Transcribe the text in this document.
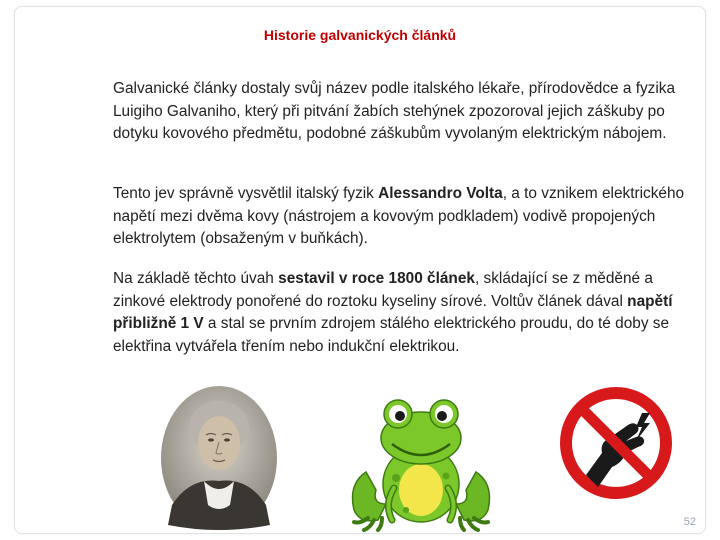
Historie galvanických článků

Galvanické články dostaly svůj název podle italského lékaře, přírodovědce a fyzika Luigiho Galvaniho, který při pitvání žabích stehýnek zpozoroval jejich záškuby po dotyku kovového předmětu, podobné záškubům vyvolaným elektrickým nábojem.

Tento jev správně vysvětlil italský fyzik Alessandro Volta, a to vznikem elektrického napětí mezi dvěma kovy (nástrojem a kovovým podkladem) vodivě propojených elektrolytem (obsaženým v buňkách).

Na základě těchto úvah sestavil v roce 1800 článek, skládající se z měděné a zinkové elektrody ponořené do roztoku kyseliny sírové. Voltův článek dával napětí přibližně 1 V a stal se prvním zdrojem stálého elektrického proudu, do té doby se elektřina vytvářela třením nebo indukční elektrikou.

52
